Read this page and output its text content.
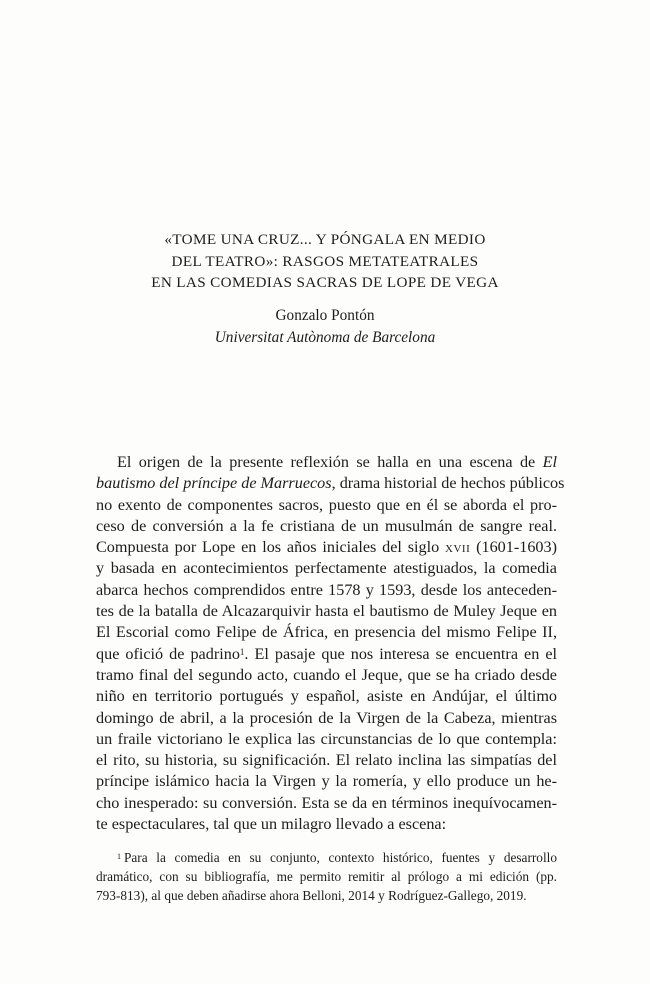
«TOME UNA CRUZ... Y PÓNGALA EN MEDIO
DEL TEATRO»: RASGOS METATEATRALES
EN LAS COMEDIAS SACRAS DE LOPE DE VEGA
Gonzalo Pontón
Universitat Autònoma de Barcelona
El origen de la presente reflexión se halla en una escena de El
bautismo del príncipe de Marruecos, drama historial de hechos públicos
no exento de componentes sacros, puesto que en él se aborda el pro-
ceso de conversión a la fe cristiana de un musulmán de sangre real.
Compuesta por Lope en los años iniciales del siglo xvii (1601-1603)
y basada en acontecimientos perfectamente atestiguados, la comedia
abarca hechos comprendidos entre 1578 y 1593, desde los anteceden-
tes de la batalla de Alcazarquivir hasta el bautismo de Muley Jeque en
El Escorial como Felipe de África, en presencia del mismo Felipe II,
que ofició de padrino$^1$. El pasaje que nos interesa se encuentra en el
tramo final del segundo acto, cuando el Jeque, que se ha criado desde
niño en territorio portugués y español, asiste en Andújar, el último
domingo de abril, a la procesión de la Virgen de la Cabeza, mientras
un fraile victoriano le explica las circunstancias de lo que contempla:
el rito, su historia, su significación. El relato inclina las simpatías del
príncipe islámico hacia la Virgen y la romería, y ello produce un he-
cho inesperado: su conversión. Esta se da en términos inequívocamen-
te espectaculares, tal que un milagro llevado a escena:
$^1$ Para la comedia en su conjunto, contexto histórico, fuentes y desarrollo
dramático, con su bibliografía, me permito remitir al prólogo a mi edición (pp.
793-813), al que deben añadirse ahora Belloni, 2014 y Rodríguez-Gallego, 2019.
